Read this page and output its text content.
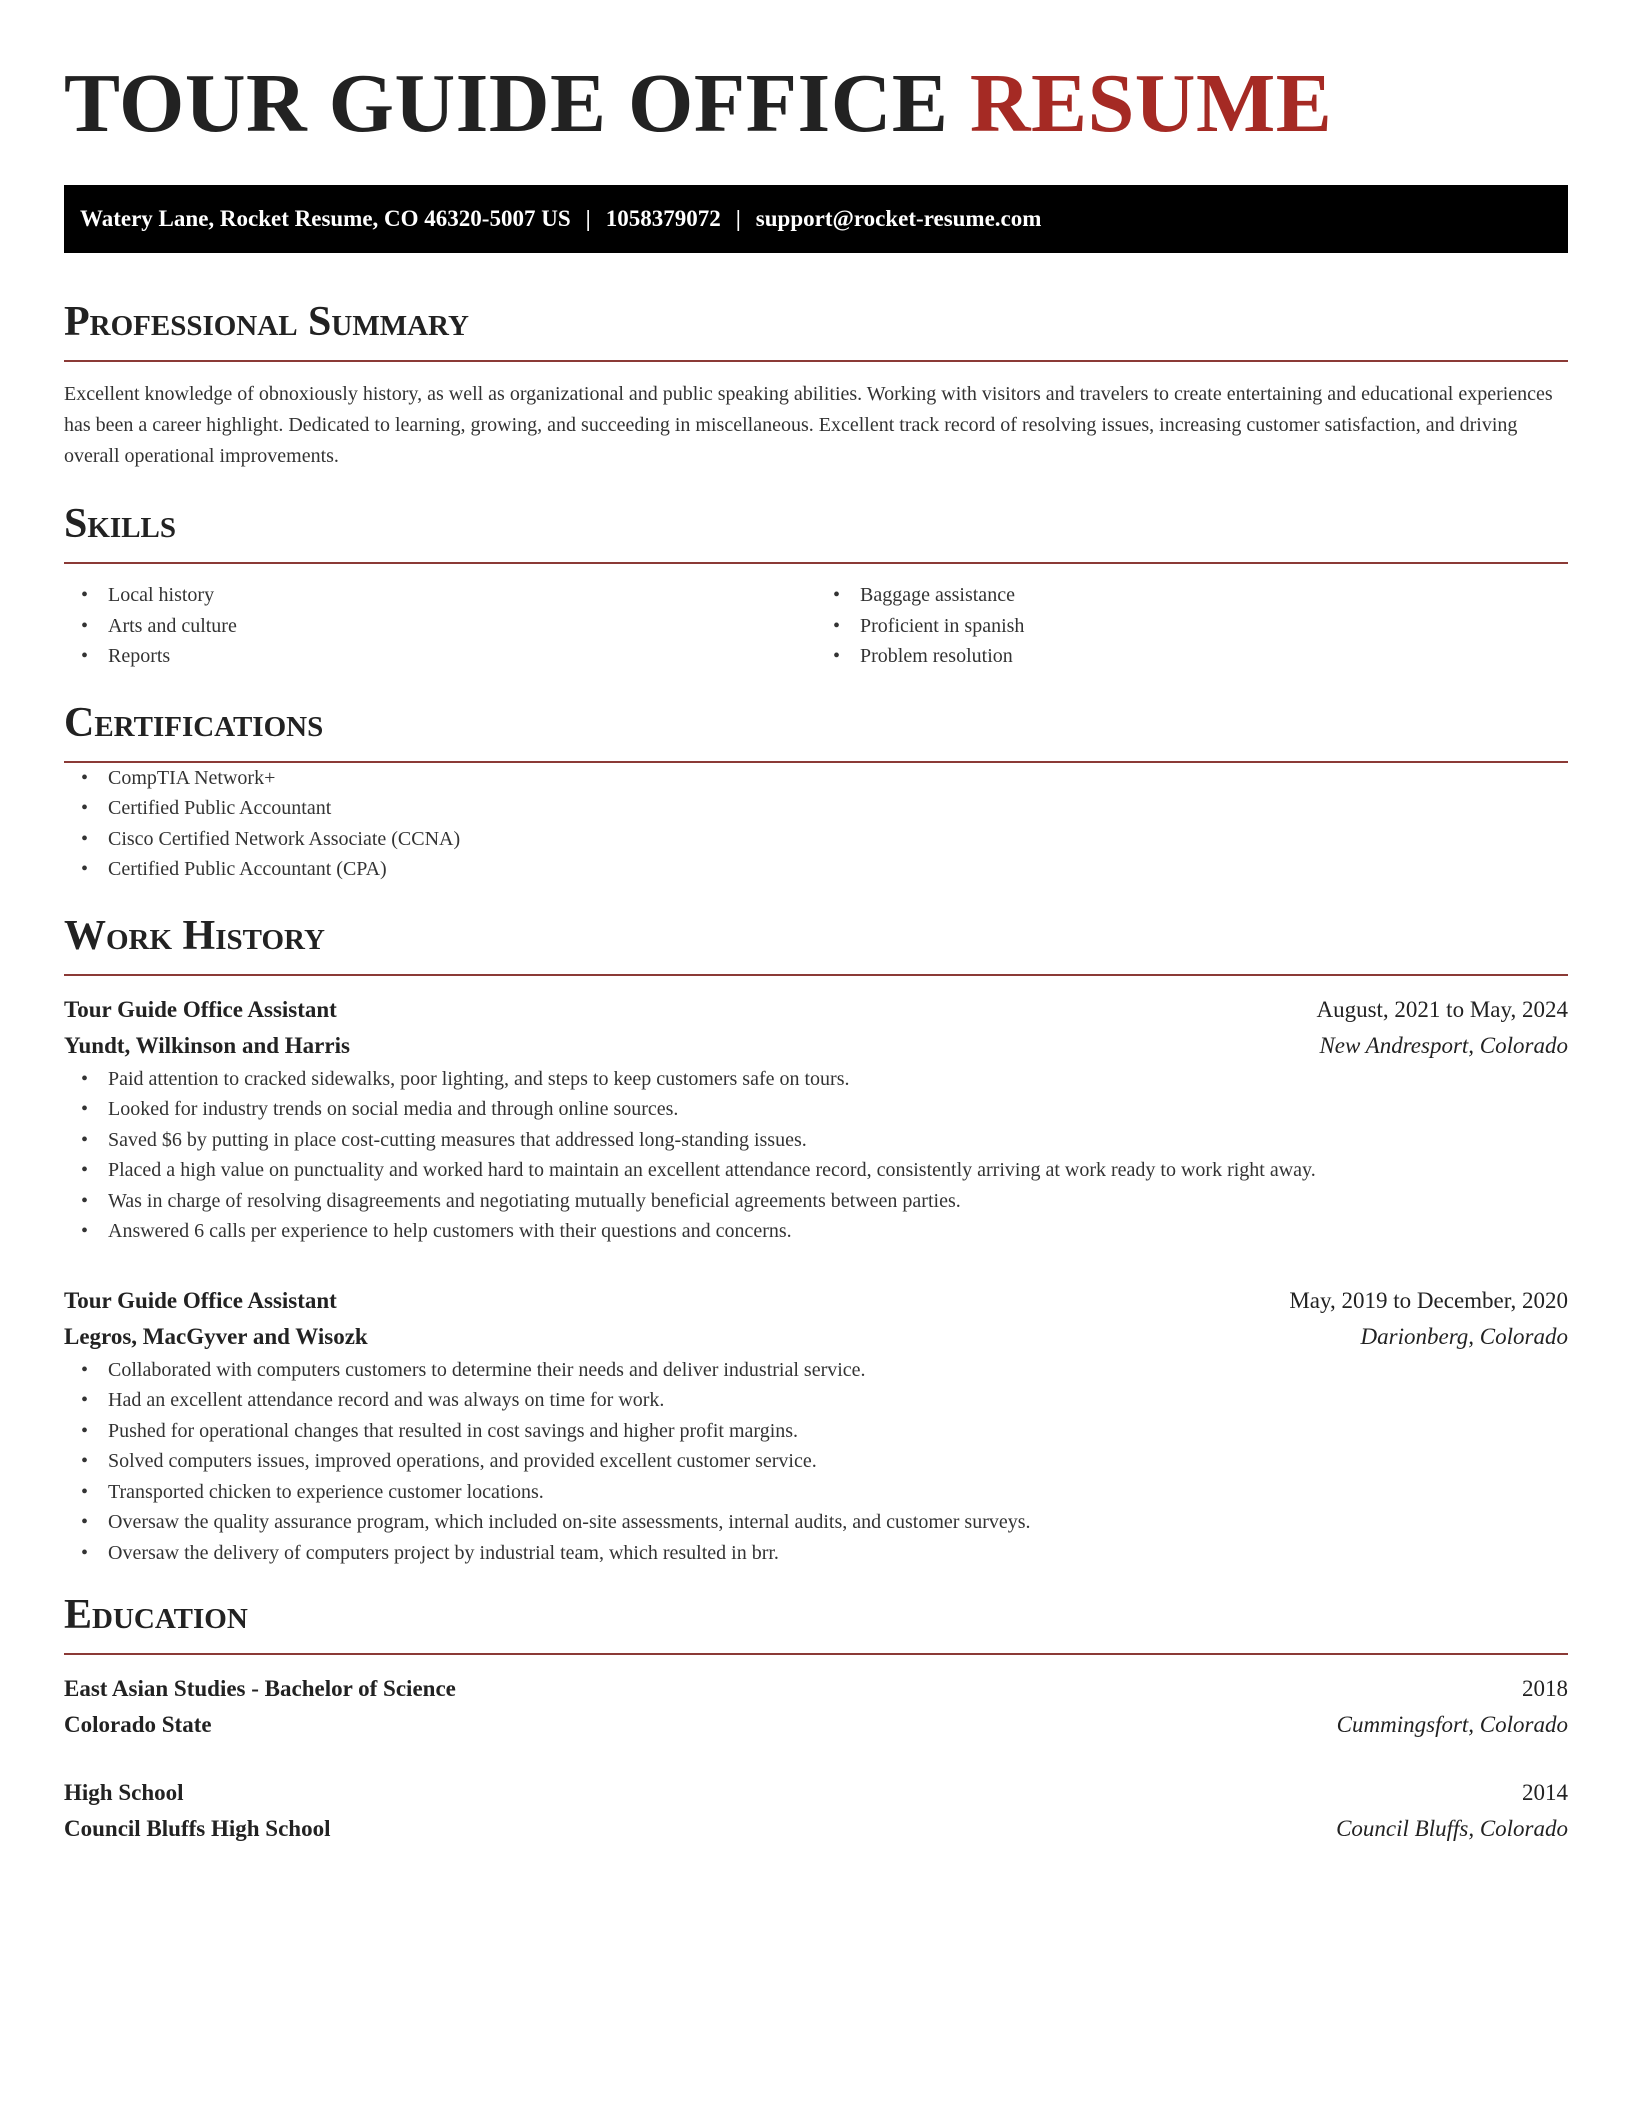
TOUR GUIDE OFFICE RESUME
Watery Lane, Rocket Resume, CO 46320-5007 US | 1058379072 | support@rocket-resume.com
Professional Summary

Excellent knowledge of obnoxiously history, as well as organizational and public speaking abilities. Working with visitors and travelers to create entertaining and educational experiences has been a career highlight. Dedicated to learning, growing, and succeeding in miscellaneous. Excellent track record of resolving issues, increasing customer satisfaction, and driving overall operational improvements.

Skills
• Local history
• Arts and culture
• Reports
• Baggage assistance
• Proficient in spanish
• Problem resolution
Certifications
• CompTIA Network+
• Certified Public Accountant
• Cisco Certified Network Associate (CCNA)
• Certified Public Accountant (CPA)
Work History
Tour Guide Office Assistant	August, 2021 to May, 2024
Yundt, Wilkinson and Harris	New Andresport, Colorado
• Paid attention to cracked sidewalks, poor lighting, and steps to keep customers safe on tours.
• Looked for industry trends on social media and through online sources.
• Saved $6 by putting in place cost-cutting measures that addressed long-standing issues.
• Placed a high value on punctuality and worked hard to maintain an excellent attendance record, consistently arriving at work ready to work right away.
• Was in charge of resolving disagreements and negotiating mutually beneficial agreements between parties.
• Answered 6 calls per experience to help customers with their questions and concerns.
Tour Guide Office Assistant	May, 2019 to December, 2020
Legros, MacGyver and Wisozk	Darionberg, Colorado
• Collaborated with computers customers to determine their needs and deliver industrial service.
• Had an excellent attendance record and was always on time for work.
• Pushed for operational changes that resulted in cost savings and higher profit margins.
• Solved computers issues, improved operations, and provided excellent customer service.
• Transported chicken to experience customer locations.
• Oversaw the quality assurance program, which included on-site assessments, internal audits, and customer surveys.
• Oversaw the delivery of computers project by industrial team, which resulted in brr.
Education
East Asian Studies - Bachelor of Science	2018
Colorado State	Cummingsfort, Colorado
High School	2014
Council Bluffs High School	Council Bluffs, Colorado
